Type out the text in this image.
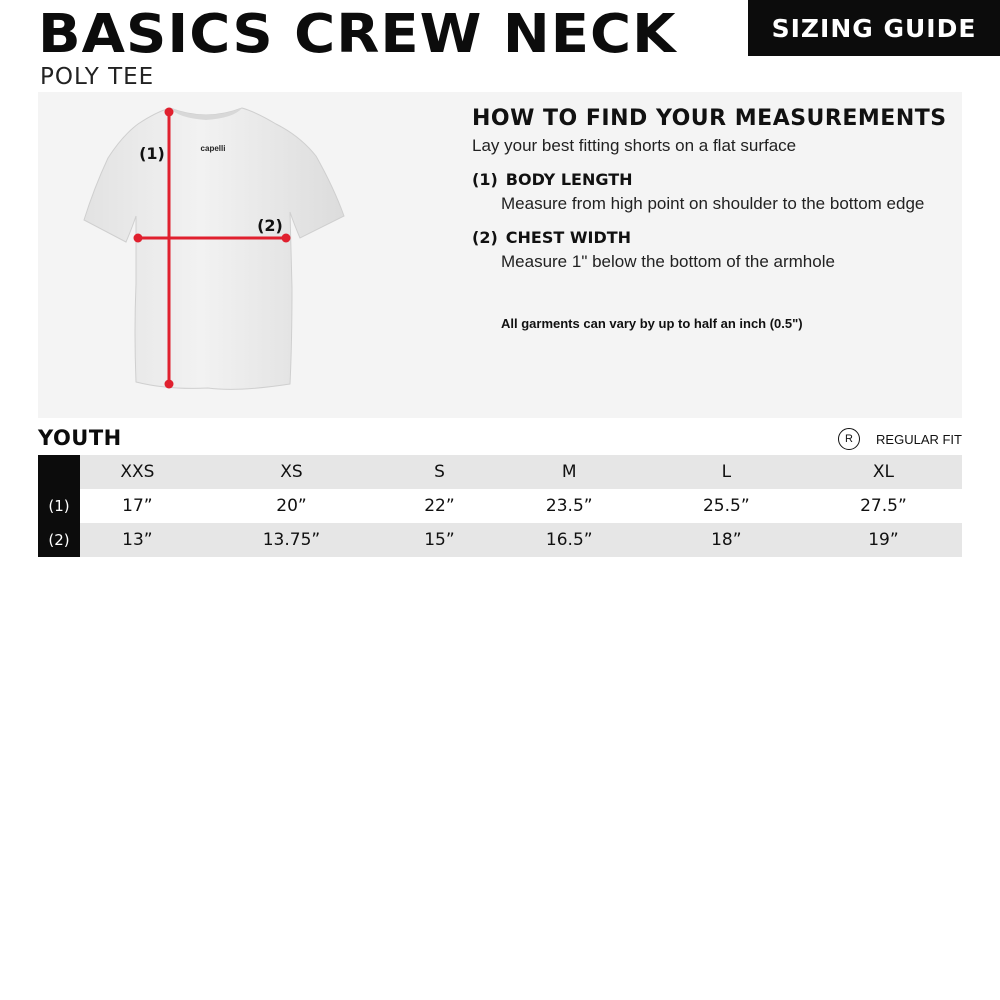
BASICS CREW NECK
POLY TEE
SIZING GUIDE
capelli
(1)
(2)
HOW TO FIND YOUR MEASUREMENTS
Lay your best fitting shorts on a flat surface
(1) BODY LENGTH
Measure from high point on shoulder to the bottom edge
(2) CHEST WIDTH
Measure 1" below the bottom of the armhole
All garments can vary by up to half an inch (0.5")
YOUTH	R	REGULAR FIT
	XXS	XS	S	M	L	XL
(1)	17”	20”	22”	23.5”	25.5”	27.5”
(2)	13”	13.75”	15”	16.5”	18”	19”
